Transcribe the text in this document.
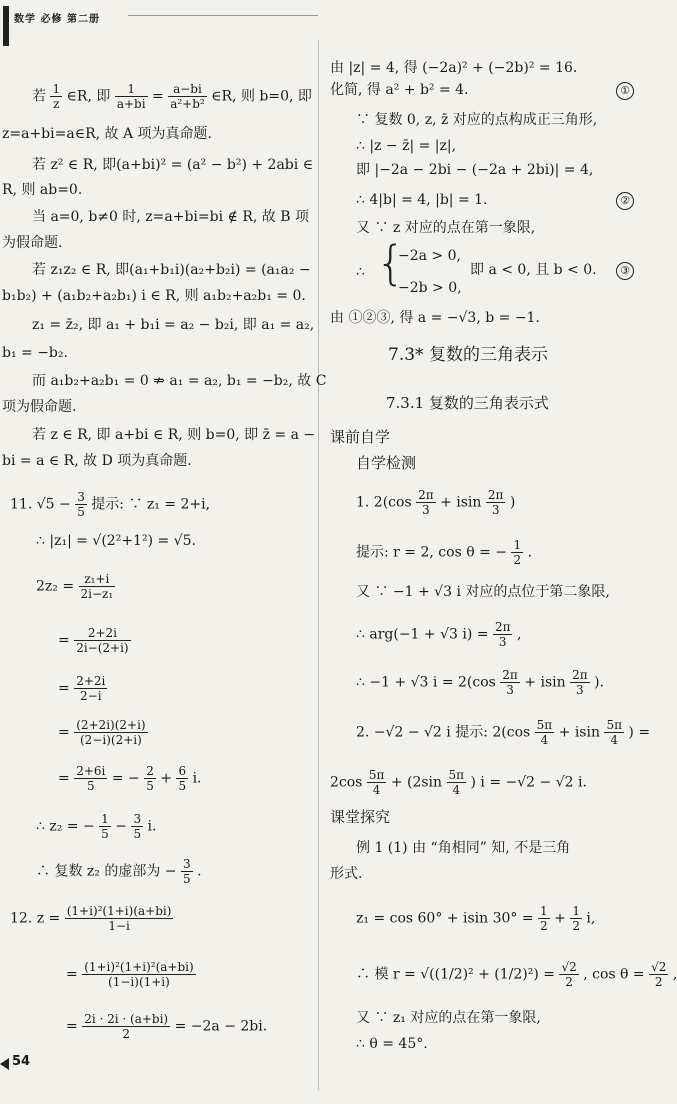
数学 必修 第二册
若 $\frac{1}{z}$ ∈R, 即 $\frac{1}{a+bi} = \frac{a-bi}{\text{a²+b²}}$ ∈R, 则 b=0, 即
z=a+bi=a∈R, 故 A 项为真命题.
若 z² ∈ R, 即(a+bi)² = (a² − b²) + 2abi ∈
R, 则 ab=0.
当 a=0, b≠0 时, z=a+bi=bi ∉ R, 故 B 项
为假命题.
若 z₁z₂ ∈ R, 即(a₁+b₁i)(a₂+b₂i) = (a₁a₂ −
b₁b₂) + (a₁b₂+a₂b₁) i ∈ R, 则 a₁b₂+a₂b₁ = 0.
z₁ = z̄₂, 即 a₁ + b₁i = a₂ − b₂i, 即 a₁ = a₂,
b₁ = −b₂.
而 a₁b₂+a₂b₁ = 0 ⇏ a₁ = a₂, b₁ = −b₂, 故 C
项为假命题.
若 z ∈ R, 即 a+bi ∈ R, 则 b=0, 即 z̄ = a −
bi = a ∈ R, 故 D 项为真命题.
11. $√5 - \frac{3}{5}$ 提示: ∵ z₁ = 2+i,
∴ |z₁| = √(2²+1²) = √5.
$2z_2 = \frac{\text{z₁+i}}{\text{2i−z₁}}$
= $\frac{2+2i}{2i-(2+i)}$
= $\frac{2+2i}{2-i}$
= $\frac{(2+2i)(2+i)}{(2-i)(2+i)}$
= $\frac{2+6i}{5}$ = − $\frac{2}{5} + \frac{6}{5} i$.
∴ z₂ = − $\frac{1}{5} - \frac{3}{5} i$.
∴ 复数 z₂ 的虚部为 − $\frac{3}{5}$ .
12. $z = \frac{\text{(1+i)²(1+i)(a+bi)}}{1-i}$
= $\frac{\text{(1+i)²(1+i)²(a+bi)}}{(1-i)(1+i)}$
= $\frac{2i \cdot 2i \cdot (a+bi)}{2} = -2a - 2bi$.
由 |z| = 4, 得 (−2a)² + (−2b)² = 16.
化简, 得 a² + b² = 4.	①
∵ 复数 0, z, z̄ 对应的点构成正三角形,
∴ |z − z̄| = |z|,
即 |−2a − 2bi − (−2a + 2bi)| = 4,
∴ 4|b| = 4, |b| = 1.	②
又 ∵ z 对应的点在第一象限,
∴ {
−2a > 0,
−2b > 0,
即 a < 0, 且 b < 0.	③
由 ①②③, 得 a = −√3, b = −1.
7.3* 复数的三角表示
7.3.1 复数的三角表示式
课前自学
自学检测
1. $2(\cos \frac{2\pi}{3} + isin \frac{2\pi}{3}$ )
提示: r = 2, cos θ = − $\frac{1}{2}$ .
又 ∵ −1 + √3 i 对应的点位于第二象限,
∴ arg(−1 + √3 $i) = \frac{2\pi}{3}$ ,
∴ −1 + √3 $i = 2(\cos \frac{2\pi}{3} + isin \frac{2\pi}{3}$ ).
2. −√2 − √2 i 提示: $2(\cos \frac{5\pi}{4} + isin \frac{5\pi}{4}$ ) =
$2\cos \frac{5\pi}{4} + (2\sin \frac{5\pi}{4}$ ) i = −√2 − √2 i.
课堂探究
例 1 (1) 由 “角相同” 知, 不是三角
形式.
z₁ = cos 60° + isin $30^\circ = \frac{1}{2} + \frac{1}{2} i$,
∴ 模 $r = √((1/2)^2 + (1/2)^2) = \frac{√2}{2}$ , $\cos \theta = \frac{√2}{2}$ ,
又 ∵ z₁ 对应的点在第一象限,
∴ θ = 45°.
54
